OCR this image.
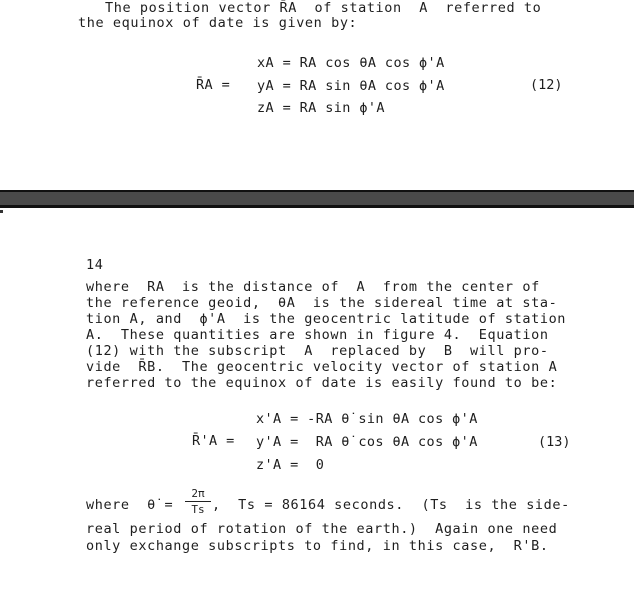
The position vector R̄A  of station  A  referred to
the equinox of date is given by:
R̄A =
xA = RA cos θA cos ϕ'A
yA = RA sin θA cos ϕ'A
zA = RA sin ϕ'A
(12)
14
where  RA  is the distance of  A  from the center of
the reference geoid,  θA  is the sidereal time at sta-
tion A, and  ϕ'A  is the geocentric latitude of station
A.  These quantities are shown in figure 4.  Equation
(12) with the subscript  A  replaced by  B  will pro-
vide  R̄B.  The geocentric velocity vector of station A
referred to the equinox of date is easily found to be:
R̄'A =
x'A = -RA θ̇ sin θA cos ϕ'A
y'A =  RA θ̇ cos θA cos ϕ'A
z'A =  0
(13)
where  θ̇ =
2π
Ts ,  Ts = 86164 seconds.  (Ts  is the side-
real period of rotation of the earth.)  Again one need
only exchange subscripts to find, in this case,  R'B.
